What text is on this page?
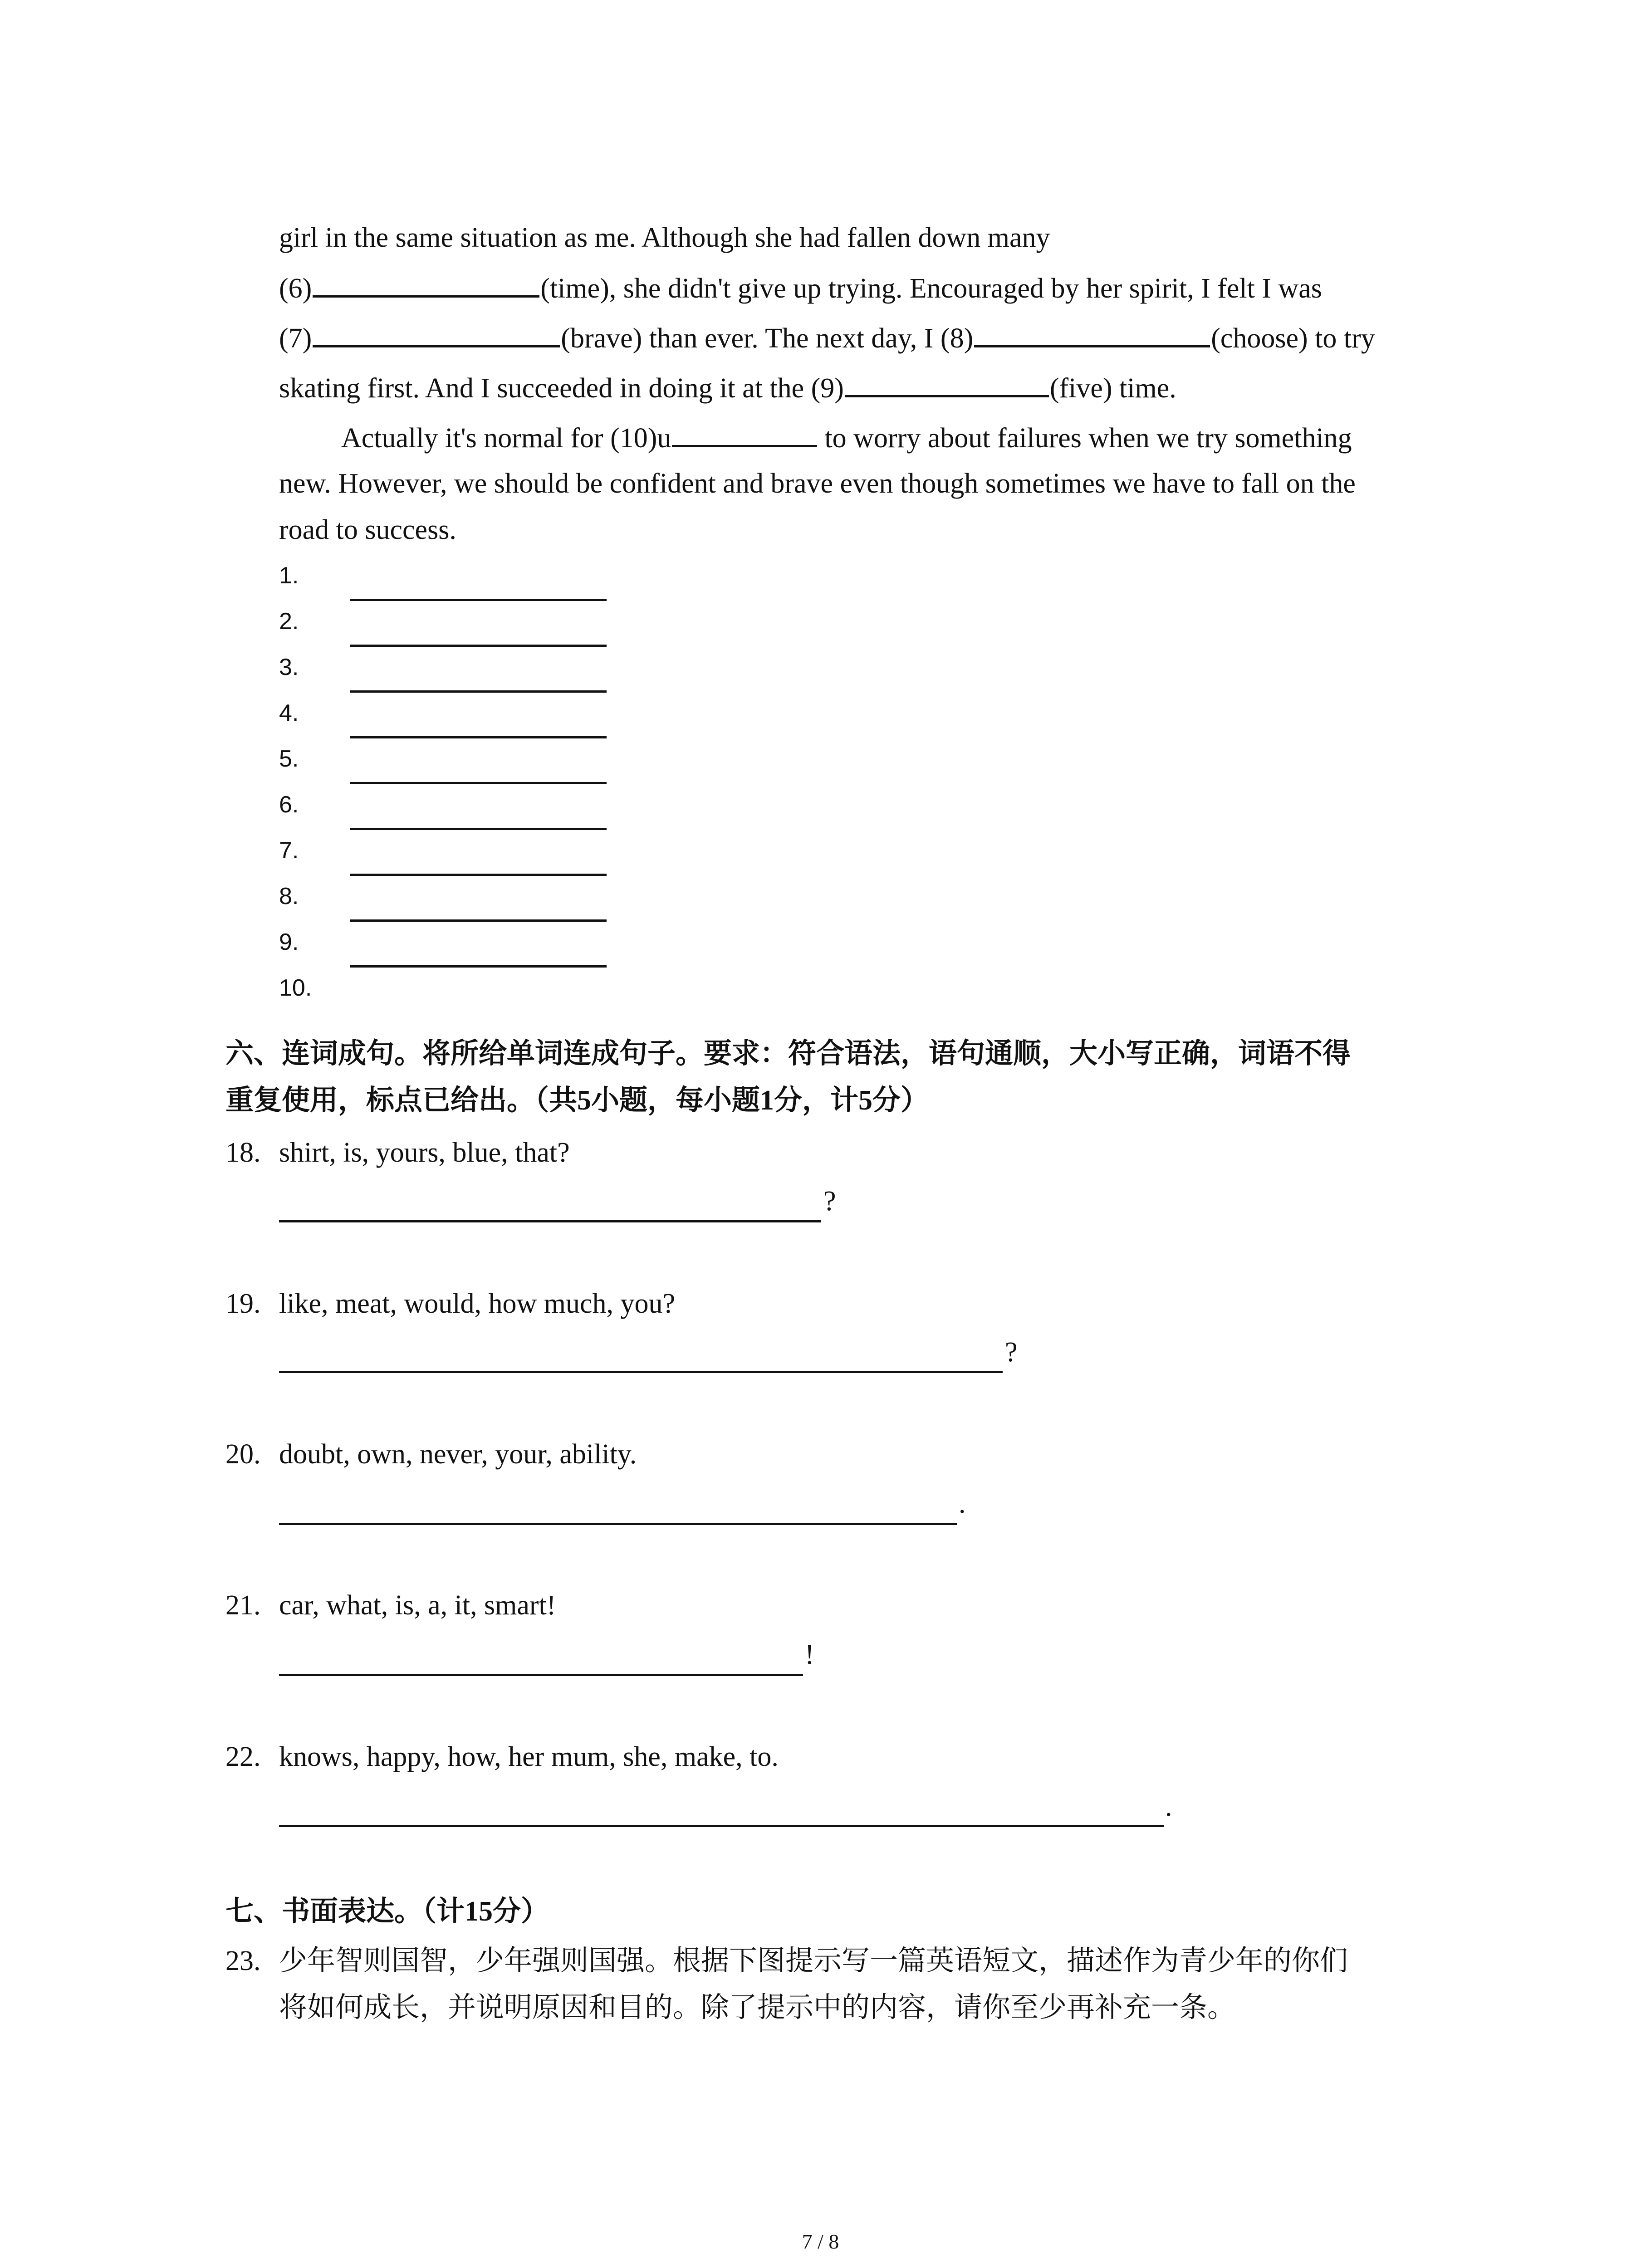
girl in the same situation as me. Although she had fallen down many
(6)	(time), she didn't give up trying. Encouraged by her spirit, I felt I was
(7)	(brave) than ever. The next day, I (8)	(choose) to try
skating first. And I succeeded in doing it at the (9)	(five) time.
Actually it's normal for (10)u	to worry about failures when we try something
new. However, we should be confident and brave even though sometimes we have to fall on the
road to success.
1.
2.
3.
4.
5.
6.
7.
8.
9.
10.
六、连词成句。将所给单词连成句子。要求：符合语法，语句通顺，大小写正确，词语不得
重复使用，标点已给出。（共5小题，每小题1分，计5分）
18. shirt, is, yours, blue, that?
?
19. like, meat, would, how much, you?
?
20. doubt, own, never, your, ability.
.
21. car, what, is, a, it, smart!
!
22. knows, happy, how, her mum, she, make, to.
.
七、书面表达。（计15分）
23. 少年智则国智，少年强则国强。根据下图提示写一篇英语短文，描述作为青少年的你们
将如何成长，并说明原因和目的。除了提示中的内容，请你至少再补充一条。
7 / 8
